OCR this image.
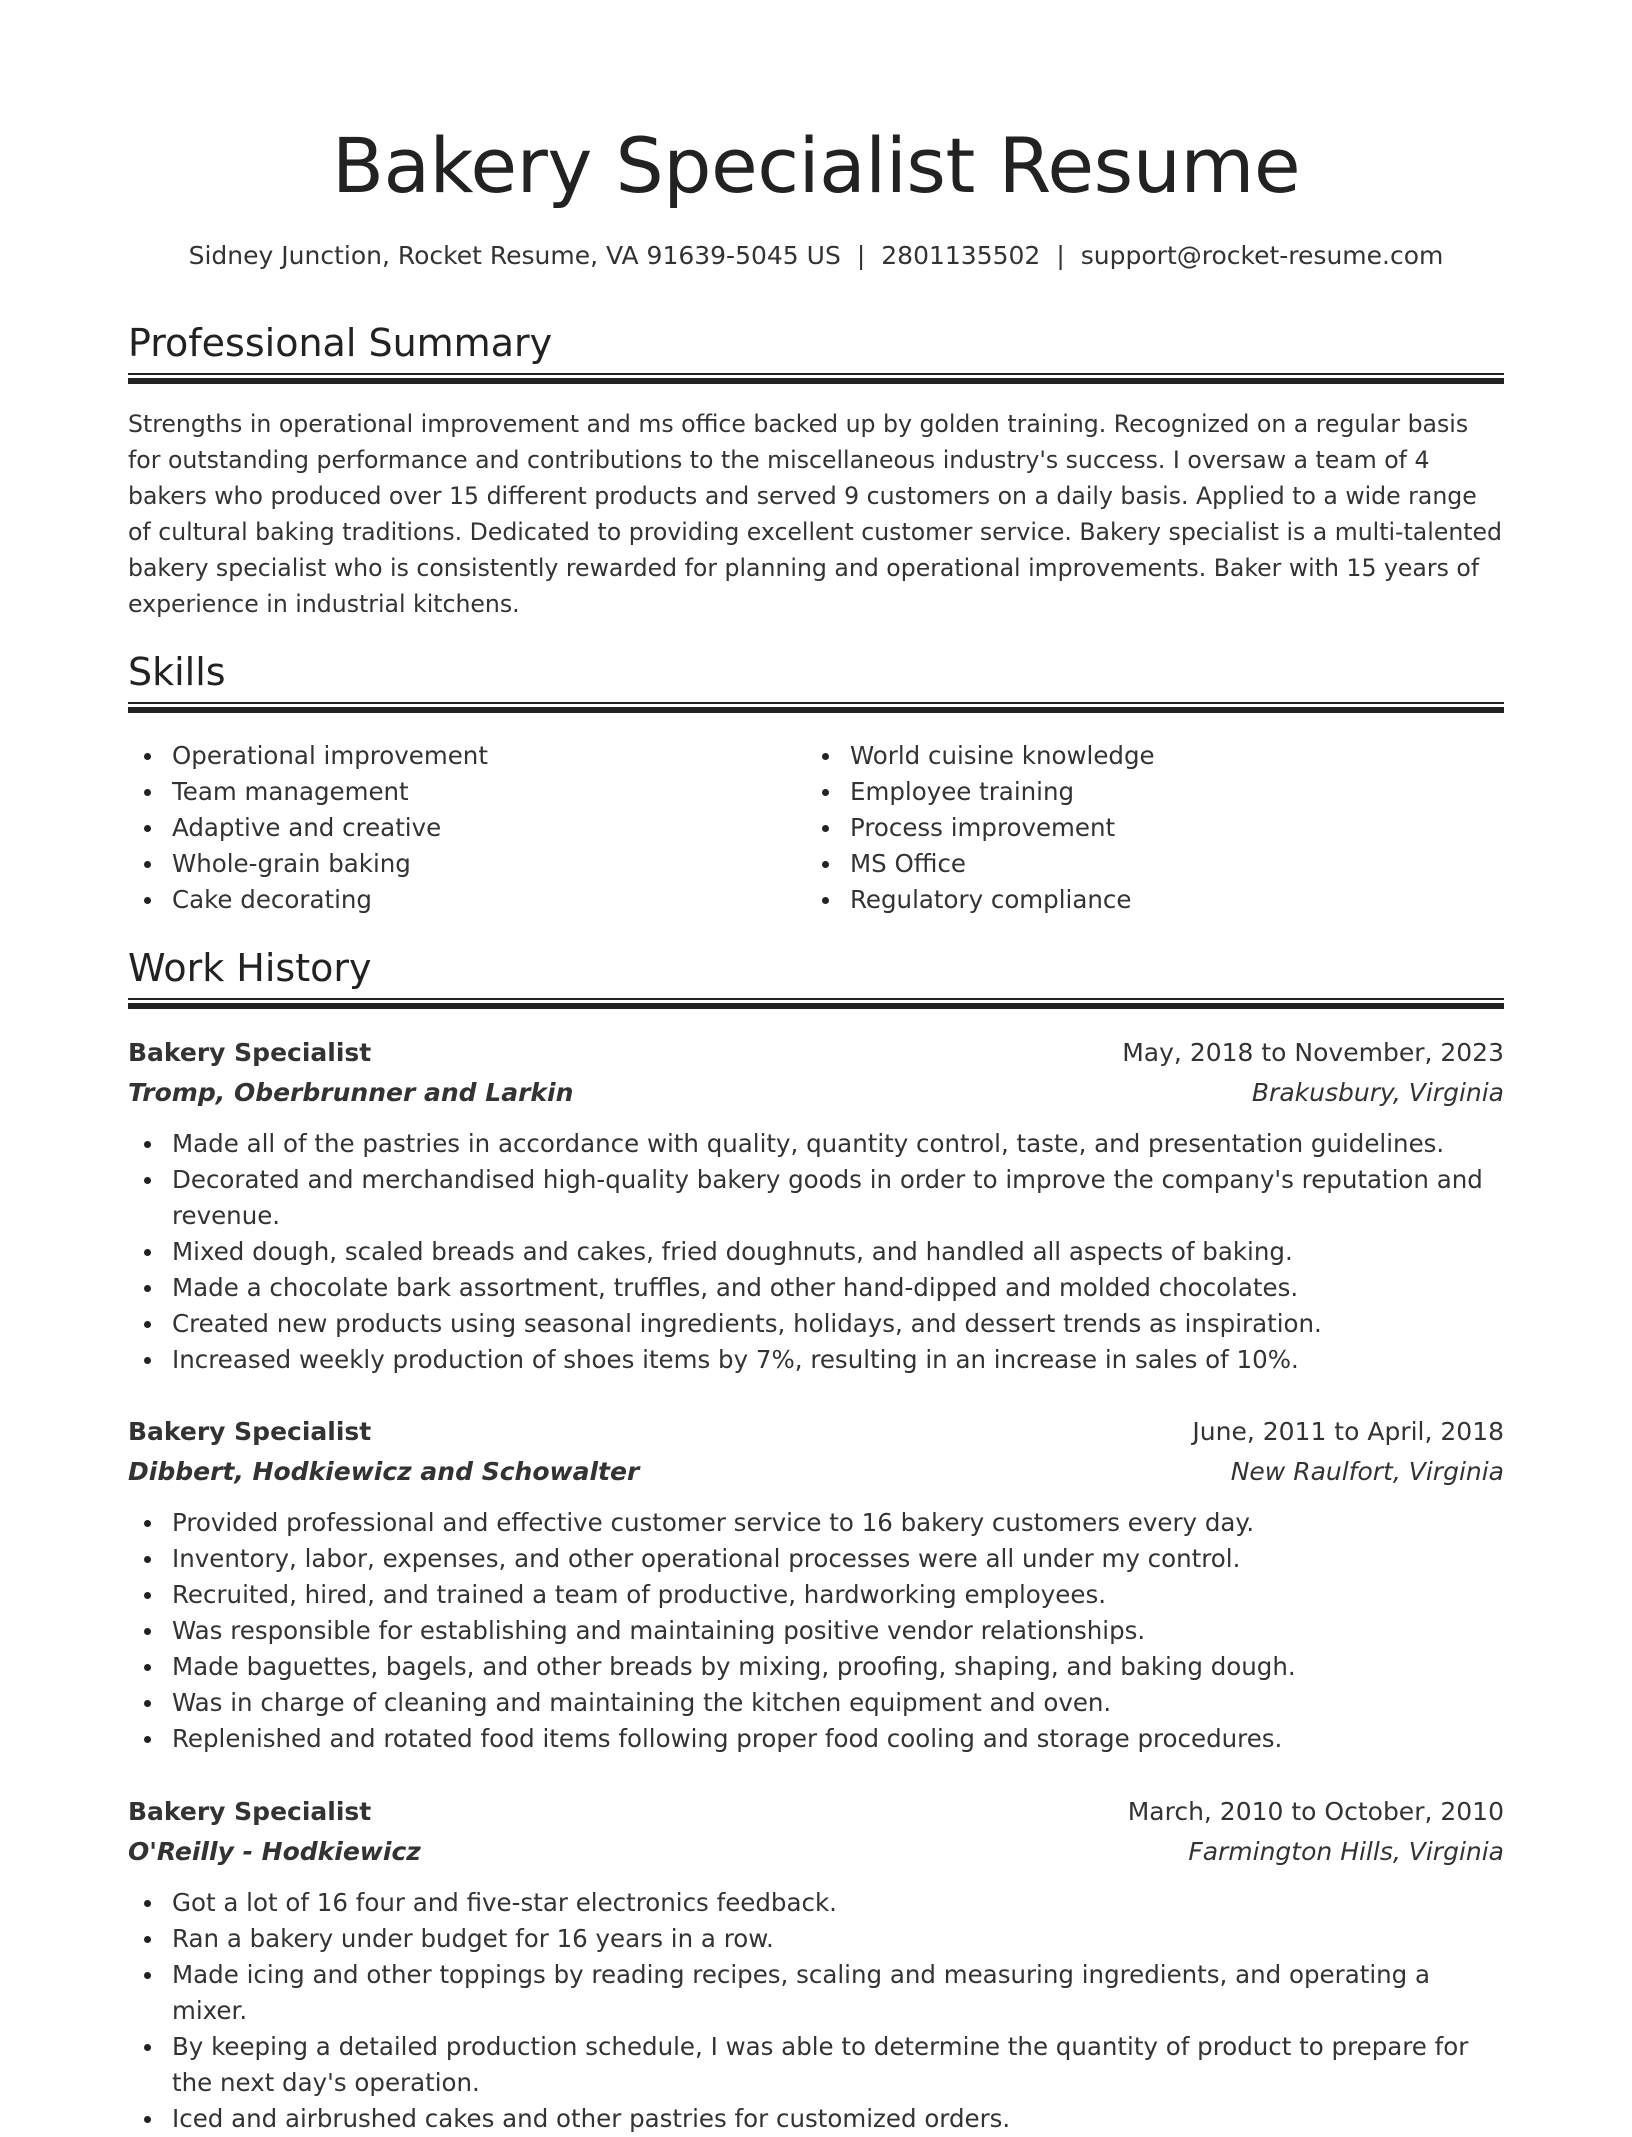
Bakery Specialist Resume
Sidney Junction, Rocket Resume, VA 91639-5045 US | 2801135502 | support@rocket-resume.com
Professional Summary

Strengths in operational improvement and ms office backed up by golden training. Recognized on a regular basis for outstanding performance and contributions to the miscellaneous industry's success. I oversaw a team of 4 bakers who produced over 15 different products and served 9 customers on a daily basis. Applied to a wide range of cultural baking traditions. Dedicated to providing excellent customer service. Bakery specialist is a multi-talented bakery specialist who is consistently rewarded for planning and operational improvements. Baker with 15 years of experience in industrial kitchens.

Skills
Operational improvement
Team management
Adaptive and creative
Whole-grain baking
Cake decorating
World cuisine knowledge
Employee training
Process improvement
MS Office
Regulatory compliance
Work History
Bakery Specialist	May, 2018 to November, 2023
Tromp, Oberbrunner and Larkin	Brakusbury, Virginia
Made all of the pastries in accordance with quality, quantity control, taste, and presentation guidelines.
Decorated and merchandised high-quality bakery goods in order to improve the company's reputation and revenue.
Mixed dough, scaled breads and cakes, fried doughnuts, and handled all aspects of baking.
Made a chocolate bark assortment, truffles, and other hand-dipped and molded chocolates.
Created new products using seasonal ingredients, holidays, and dessert trends as inspiration.
Increased weekly production of shoes items by 7%, resulting in an increase in sales of 10%.
Bakery Specialist	June, 2011 to April, 2018
Dibbert, Hodkiewicz and Schowalter	New Raulfort, Virginia
Provided professional and effective customer service to 16 bakery customers every day.
Inventory, labor, expenses, and other operational processes were all under my control.
Recruited, hired, and trained a team of productive, hardworking employees.
Was responsible for establishing and maintaining positive vendor relationships.
Made baguettes, bagels, and other breads by mixing, proofing, shaping, and baking dough.
Was in charge of cleaning and maintaining the kitchen equipment and oven.
Replenished and rotated food items following proper food cooling and storage procedures.
Bakery Specialist	March, 2010 to October, 2010
O'Reilly - Hodkiewicz	Farmington Hills, Virginia
Got a lot of 16 four and five-star electronics feedback.
Ran a bakery under budget for 16 years in a row.
Made icing and other toppings by reading recipes, scaling and measuring ingredients, and operating a mixer.
By keeping a detailed production schedule, I was able to determine the quantity of product to prepare for the next day's operation.
Iced and airbrushed cakes and other pastries for customized orders.
